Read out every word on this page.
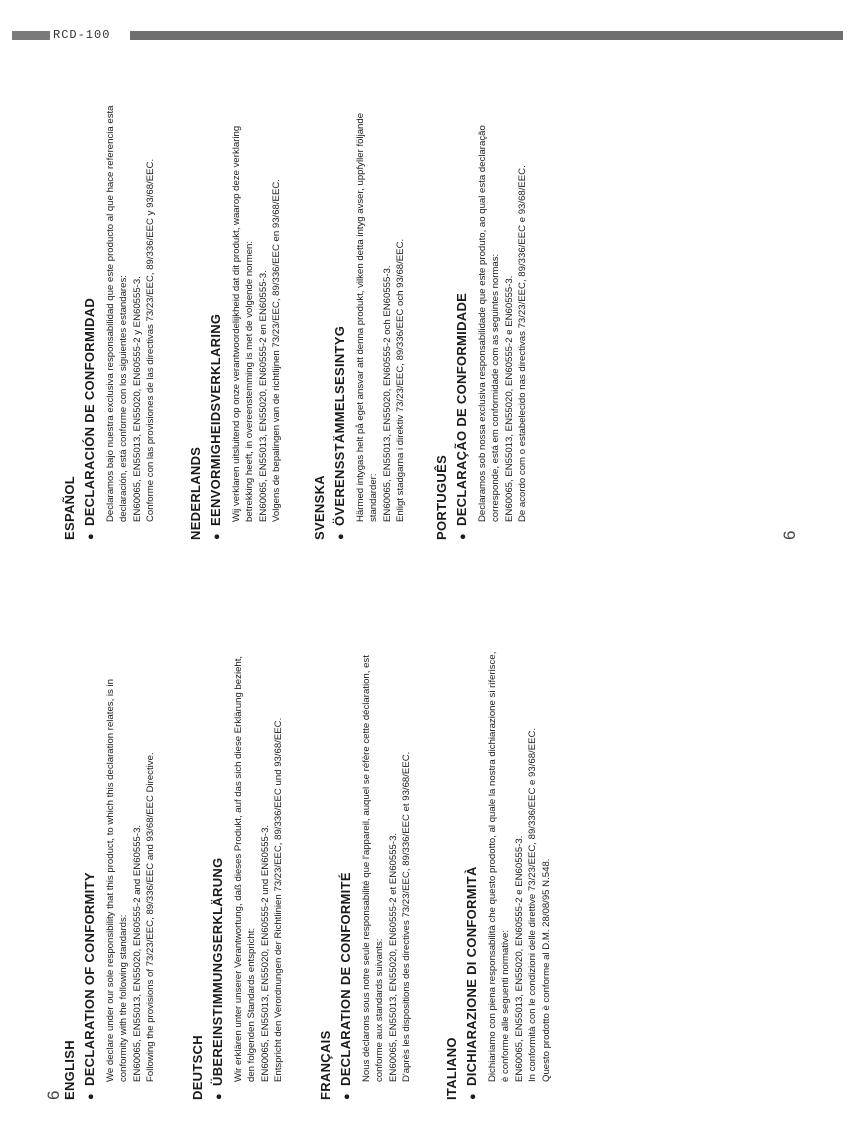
RCD-100
6 ENGLISH ●DECLARATION OF CONFORMITY We declare under our sole responsibility that this product, to which this declaration relates, is in conformity with the following standards: EN60065, EN55013, EN55020, EN60555-2 and EN60555-3. Following the provisions of 73/23/EEC, 89/336/EEC and 93/68/EEC Directive.	DEUTSCH ●ÜBEREINSTIMMUNGSERKLÄRUNG Wir erklären unter unserer Verantwortung, daß dieses Produkt, auf das sich diese Erklärung bezieht, den folgenden Standards entspricht: EN60065, EN55013, EN55020, EN60555-2 und EN60555-3. Entspricht den Verordnungen der Richtlinien 73/23/EEC, 89/336/EEC und 93/68/EEC.	FRANÇAIS ●DECLARATION DE CONFORMITÉ Nous déclarons sous notre seule responsabilité que l'appareil, auquel se réfère cette déclaration, est conforme aux standards suivants: EN60065, EN55013, EN55020, EN60555-2 et EN60555-3. D'après les dispositions des directives 73/23/EEC, 89/336/EEC et 93/68/EEC. ITALIANO ●DICHIARAZIONE DI CONFORMITÀ Dichiariamo con piena responsabilità che questo prodotto, al quale la nostra dichiarazione si riferisce, è conforme alle seguenti normative: EN60065, EN55013, EN55020, EN60555-2 e EN60555-3. In conformità con le condizioni delle direttive 73/23/EEC, 89/336/EEC e 93/68/EEC. Questo prodotto è conforme al D.M. 28/08/95 N.548.

ESPAÑOL ●DECLARACIÓN DE CONFORMIDAD Declaramos bajo nuestra exclusiva responsabilidad que este producto al que hace referencia esta declaración, está conforme con los siguientes estandares: EN60065, EN55013, EN55020, EN60555-2 y EN60555-3. Conforme con las provisiones de las directivas 73/23/EEC, 89/336/EEC y 93/68/EEC. NEDERLANDS ●EENVORMIGHEIDSVERKLARING Wij verklaren uitsluitend op onze verantwoordelijkheid dat dit produkt, waarop deze verklaring betrekking heeft, in overeenstemming is met de volgende normen: EN60065, EN55013, EN55020, EN60555-2 en EN60555-3. Volgens de bepalingen van de richtlijnen 73/23/EEC, 89/336/EEC en 93/68/EEC. SVENSKA ●ÖVERENSSTÄMMELSESINTYG Härmed intygas helt på eget ansvar att denna produkt, vilken detta intyg avser, uppfyller följande standarder: EN60065, EN55013, EN55020, EN60555-2 och EN60555-3. Enligt stadgarna i direktiv 73/23/EEC, 89/336/EEC och 93/68/EEC. PORTUGUÊS ●DECLARAÇÃO DE CONFORMIDADE Declaramos sob nossa exclusiva responsabilidade que este produto, ao qual esta declaração corresponde, está em conformidade com as seguintes normas: EN60065, EN55013, EN55020, EN60555-2 e EN60555-3. De acordo com o estabelecido nas directivas 73/23/EEC, 89/336/EEC e 93/68/EEC.

6
